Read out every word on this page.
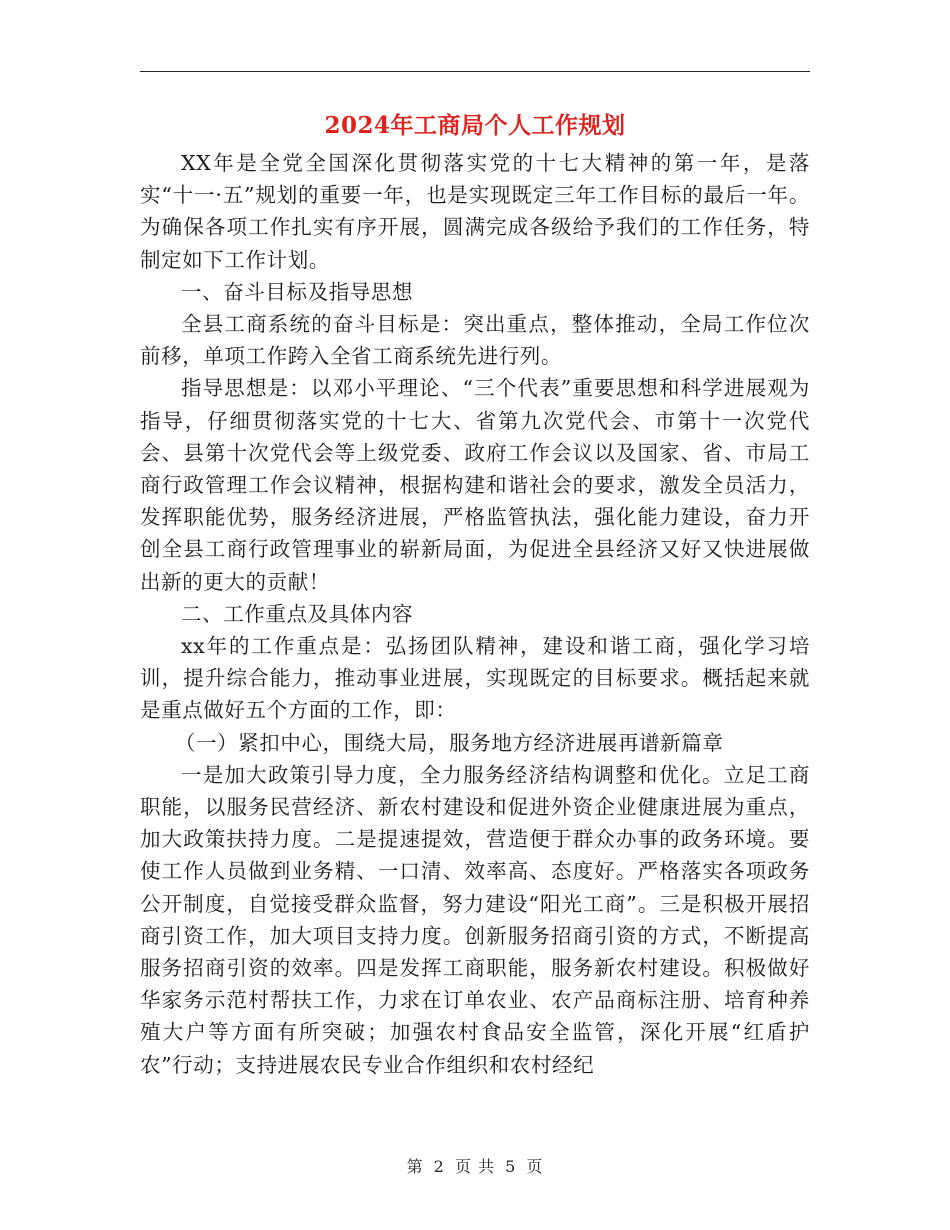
2024年工商局个人工作规划

XX年是全党全国深化贯彻落实党的十七大精神的第一年，是落实“十一·五”规划的重要一年，也是实现既定三年工作目标的最后一年。为确保各项工作扎实有序开展，圆满完成各级给予我们的工作任务，特制定如下工作计划。

一、奋斗目标及指导思想

全县工商系统的奋斗目标是：突出重点，整体推动，全局工作位次前移，单项工作跨入全省工商系统先进行列。

指导思想是：以邓小平理论、“三个代表”重要思想和科学进展观为指导，仔细贯彻落实党的十七大、省第九次党代会、市第十一次党代会、县第十次党代会等上级党委、政府工作会议以及国家、省、市局工商行政管理工作会议精神，根据构建和谐社会的要求，激发全员活力，发挥职能优势，服务经济进展，严格监管执法，强化能力建设，奋力开创全县工商行政管理事业的崭新局面，为促进全县经济又好又快进展做出新的更大的贡献！

二、工作重点及具体内容

xx年的工作重点是：弘扬团队精神，建设和谐工商，强化学习培训，提升综合能力，推动事业进展，实现既定的目标要求。概括起来就是重点做好五个方面的工作，即：

（一）紧扣中心，围绕大局，服务地方经济进展再谱新篇章

一是加大政策引导力度，全力服务经济结构调整和优化。立足工商职能，以服务民营经济、新农村建设和促进外资企业健康进展为重点，加大政策扶持力度。二是提速提效，营造便于群众办事的政务环境。要使工作人员做到业务精、一口清、效率高、态度好。严格落实各项政务公开制度，自觉接受群众监督，努力建设“阳光工商”。三是积极开展招商引资工作，加大项目支持力度。创新服务招商引资的方式，不断提高服务招商引资的效率。四是发挥工商职能，服务新农村建设。积极做好华家务示范村帮扶工作，力求在订单农业、农产品商标注册、培育种养殖大户等方面有所突破；加强农村食品安全监管，深化开展“红盾护农”行动；支持进展农民专业合作组织和农村经纪

第 2 页 共 5 页
